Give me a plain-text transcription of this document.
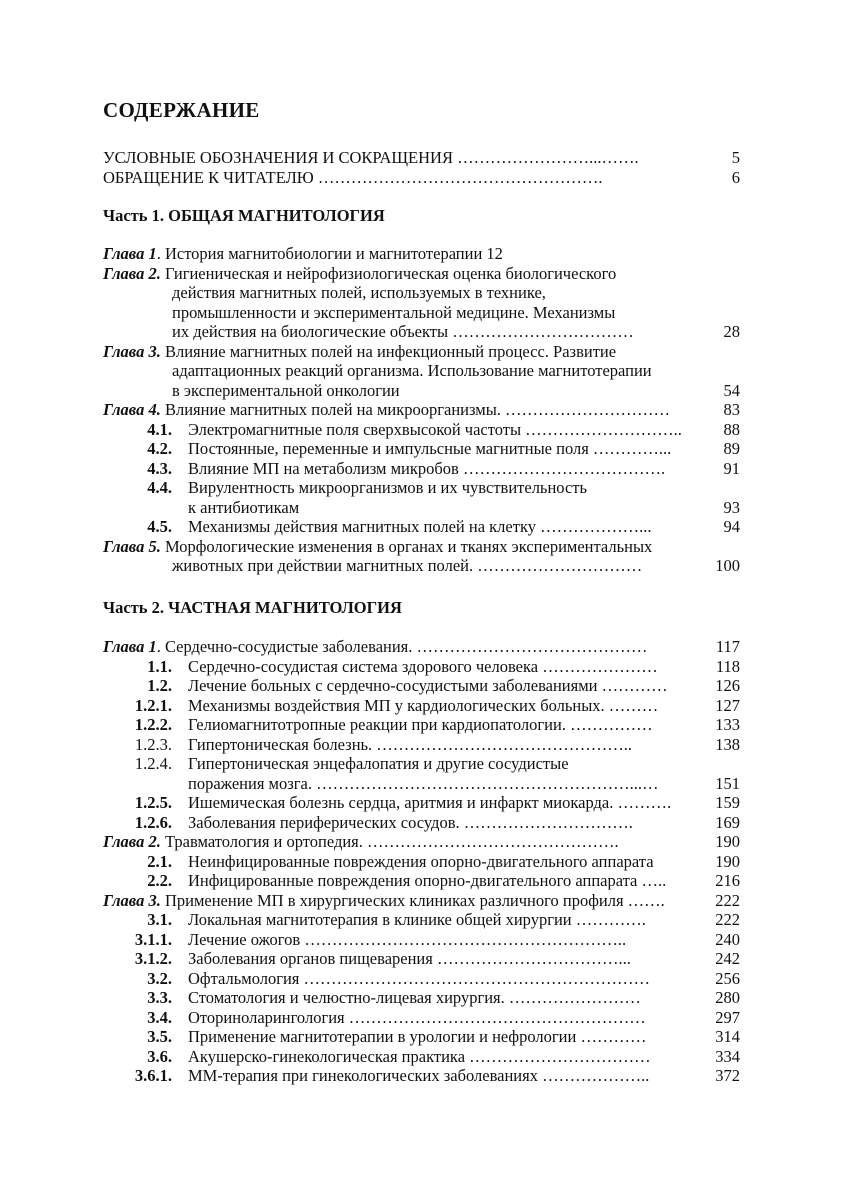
СОДЕРЖАНИЕ
УСЛОВНЫЕ ОБОЗНАЧЕНИЯ И СОКРАЩЕНИЯ ……………………...…….	5
ОБРАЩЕНИЕ К ЧИТАТЕЛЮ …………………………………………….	6
Часть 1. ОБЩАЯ МАГНИТОЛОГИЯ
Глава 1. История магнитобиологии и магнитотерапии 12
Глава 2. Гигиеническая и нейрофизиологическая оценка биологического
действия магнитных полей, используемых в технике,
промышленности и экспериментальной медицине. Механизмы
их действия на биологические объекты ……………………………	28
Глава 3. Влияние магнитных полей на инфекционный процесс. Развитие
адаптационных реакций организма. Использование магнитотерапии
в экспериментальной онкологии	54
Глава 4. Влияние магнитных полей на микроорганизмы. …………………………	83
4.1. Электромагнитные поля сверхвысокой частоты ………………………..	88
4.2. Постоянные, переменные и импульсные магнитные поля …………...	89
4.3. Влияние МП на метаболизм микробов ……………………………….	91
4.4. Вирулентность микроорганизмов и их чувствительность
к антибиотикам	93
4.5. Механизмы действия магнитных полей на клетку ………………...	94
Глава 5. Морфологические изменения в органах и тканях экспериментальных
животных при действии магнитных полей. …………………………	100
Часть 2. ЧАСТНАЯ МАГНИТОЛОГИЯ
Глава 1. Сердечно-сосудистые заболевания. ……………………………………	117
1.1. Сердечно-сосудистая система здорового человека …………………	118
1.2. Лечение больных с сердечно-сосудистыми заболеваниями …………	126
1.2.1. Механизмы воздействия МП у кардиологических больных. ………	127
1.2.2. Гелиомагнитотропные реакции при кардиопатологии. ……………	133
1.2.3. Гипертоническая болезнь. ………………………………………..	138
1.2.4. Гипертоническая энцефалопатия и другие сосудистые
поражения мозга. …………………………………………………...…	151
1.2.5. Ишемическая болезнь сердца, аритмия и инфаркт миокарда. ……….	159
1.2.6. Заболевания периферических сосудов. ………………………….	169
Глава 2. Травматология и ортопедия. ……………………………………….	190
2.1. Неинфицированные повреждения опорно-двигательного аппарата	190
2.2. Инфицированные повреждения опорно-двигательного аппарата …..	216
Глава 3. Применение МП в хирургических клиниках различного профиля …….	222
3.1. Локальная магнитотерапия в клинике общей хирургии ………….	222
3.1.1. Лечение ожогов …………………………………………………..	240
3.1.2. Заболевания органов пищеварения ……………………………...	242
3.2. Офтальмология ………………………………………………………	256
3.3. Стоматология и челюстно-лицевая хирургия. ……………………	280
3.4. Оториноларингология ………………………………………………	297
3.5. Применение магнитотерапии в урологии и нефрологии …………	314
3.6. Акушерско-гинекологическая практика ……………………………	334
3.6.1. ММ-терапия при гинекологических заболеваниях ………………..	372
